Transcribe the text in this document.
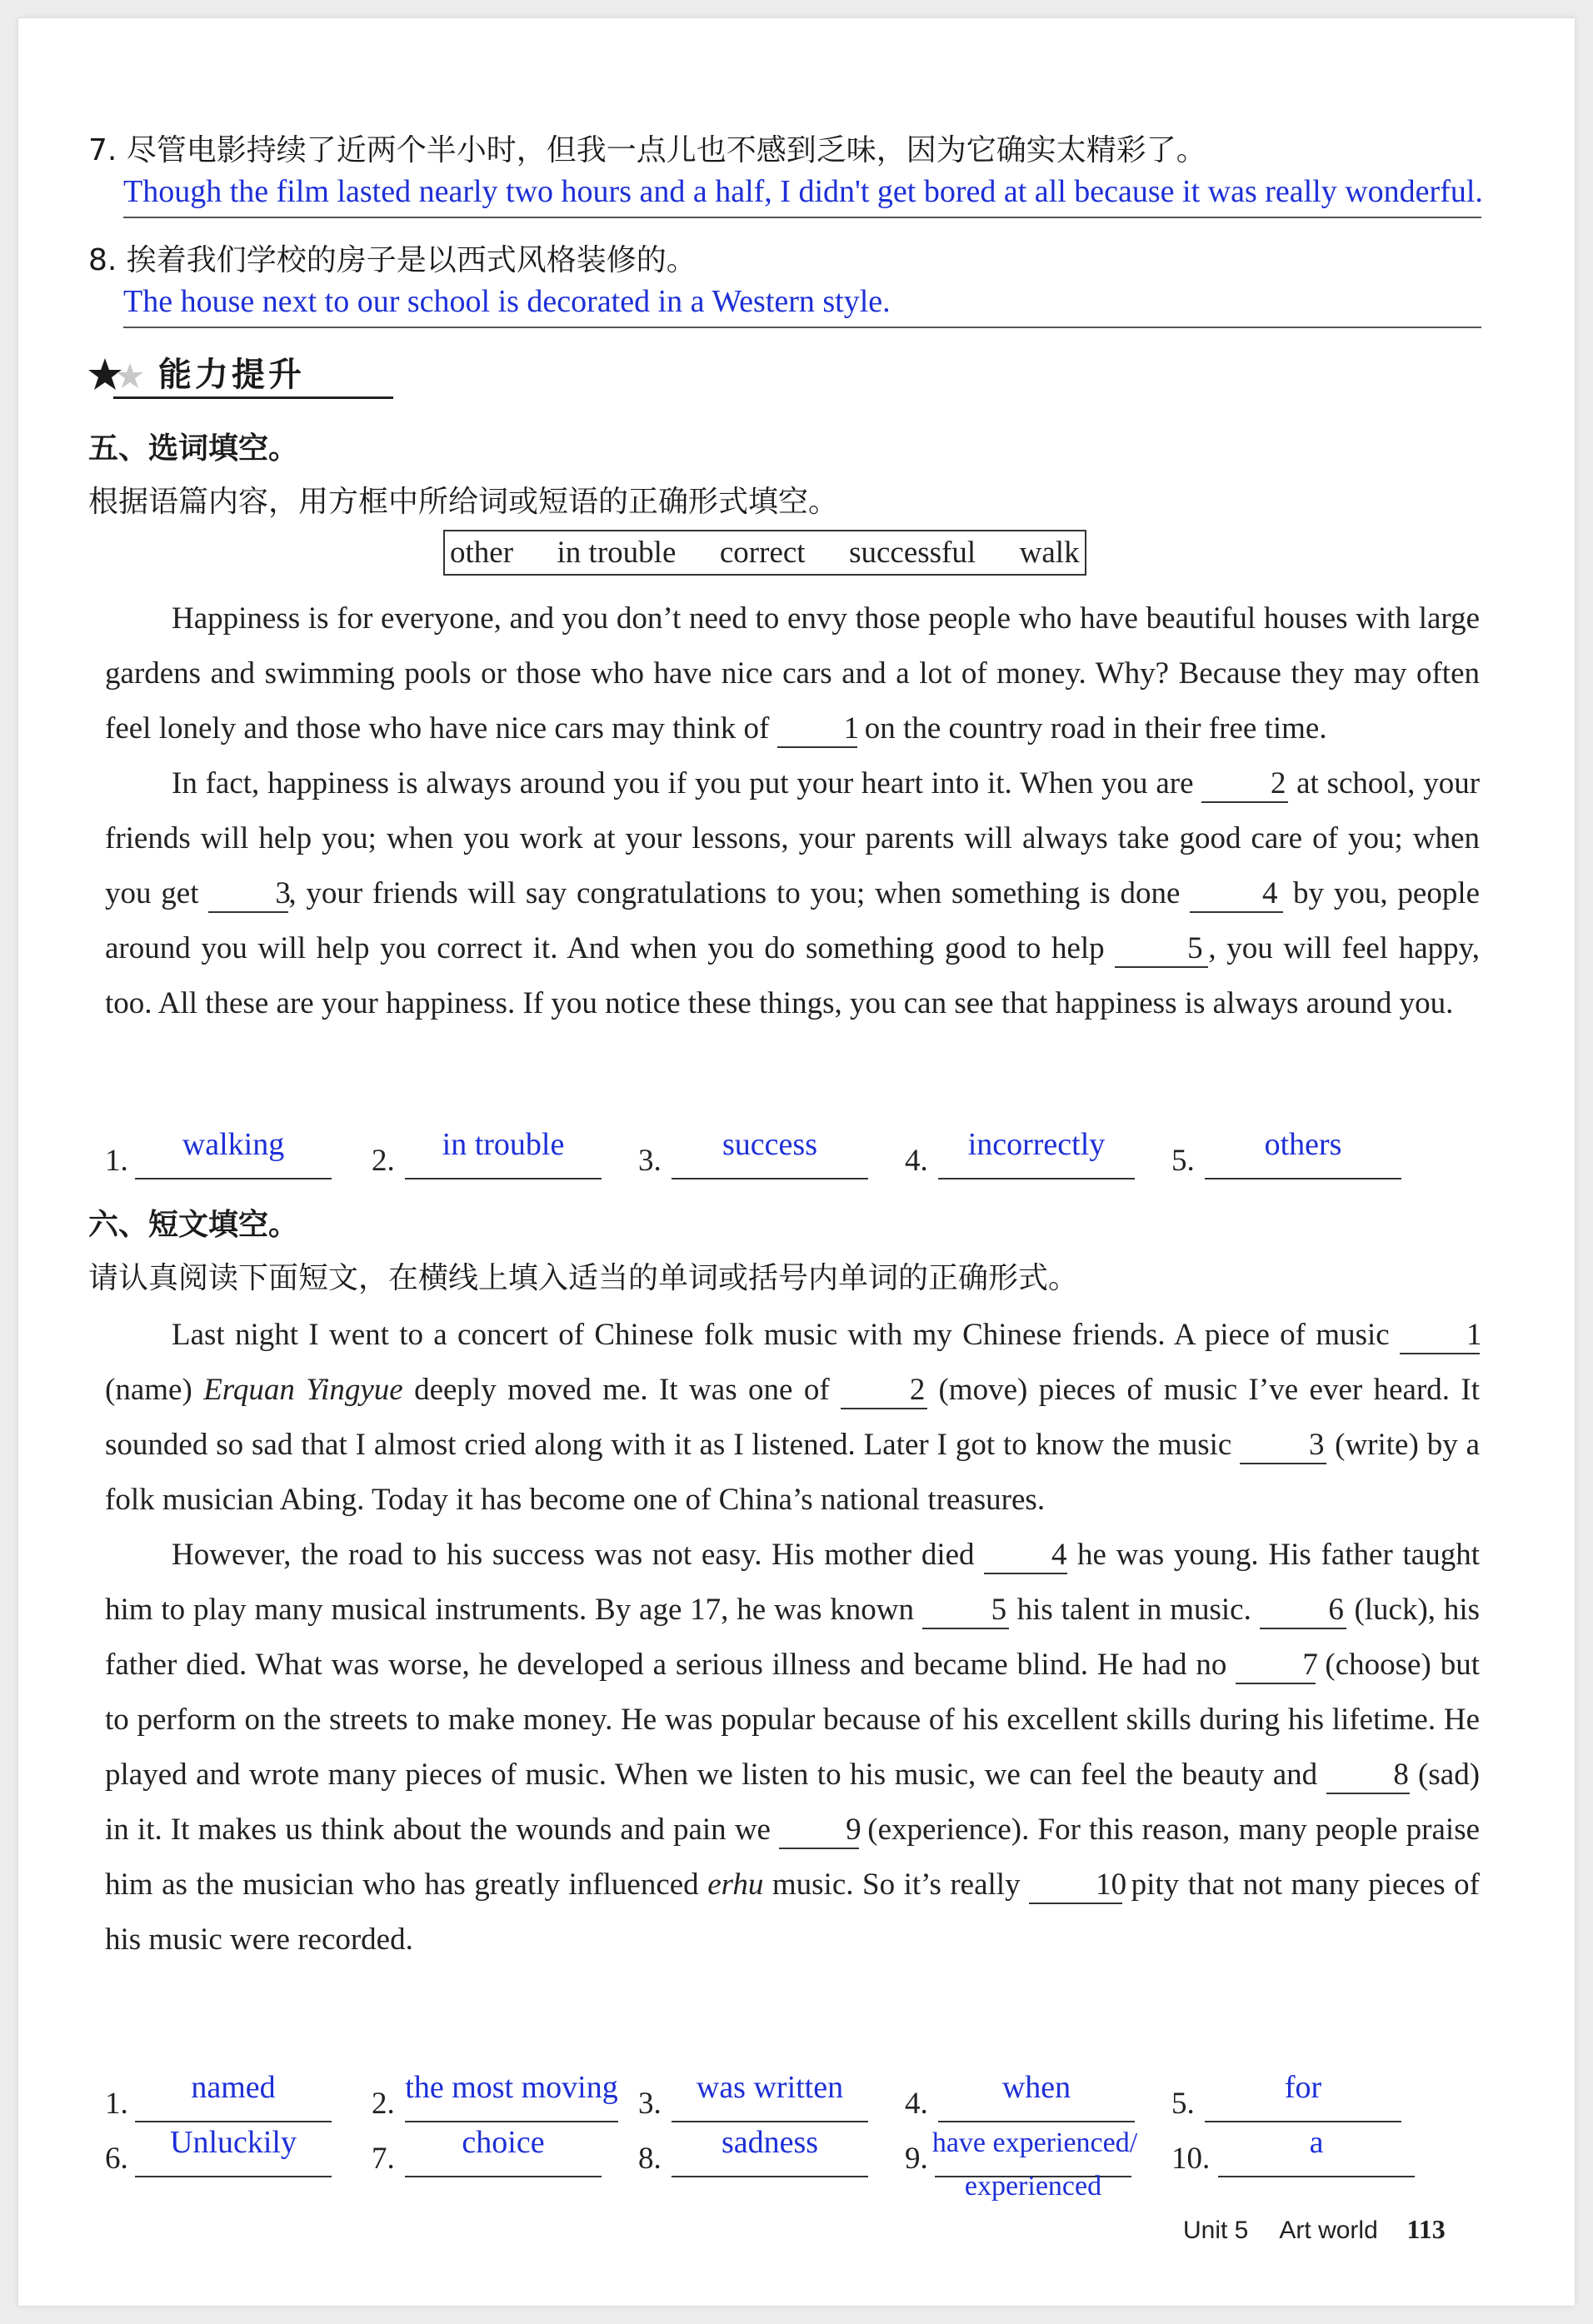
7. 尽管电影持续了近两个半小时，但我一点儿也不感到乏味，因为它确实太精彩了。
Though the film lasted nearly two hours and a half, I didn't get bored at all because it was really wonderful.
8. 挨着我们学校的房子是以西式风格装修的。
The house next to our school is decorated in a Western style.
能力提升
五、选词填空。
根据语篇内容，用方框中所给词或短语的正确形式填空。
other in trouble correct successful walk

Happiness is for everyone, and you don’t need to envy those people who have beautiful houses with large gardens and swimming pools or those who have nice cars and a lot of money. Why? Because they may often feel lonely and those who have nice cars may think of 1 on the country road in their free time.

In fact, happiness is always around you if you put your heart into it. When you are	2 at school, your friends will help you; when you work at your lessons, your parents will always take good care of you; when you get 3, your friends will say congratulations to you; when something is done	4 by you, people around you will help you correct it. And when you do something good to help	5 , you will feel happy, too. All these are your happiness. If you notice these things, you can see that happiness is always around you.

1.	walking	2.	in trouble	3.	success	4.	incorrectly	5.	others
六、短文填空。
请认真阅读下面短文，在横线上填入适当的单词或括号内单词的正确形式。

Last night I went to a concert of Chinese folk music with my Chinese friends. A piece of music 1 (name) Erquan Yingyue deeply moved me. It was one of	2 (move) pieces of music I’ve ever heard. It sounded so sad that I almost cried along with it as I listened. Later I got to know the music	3 (write) by a folk musician Abing. Today it has become one of China’s national treasures.

However, the road to his success was not easy. His mother died 4 he was young. His father taught him to play many musical instruments. By age 17, he was known	5 his talent in music.	6 (luck), his father died. What was worse, he developed a serious illness and became blind. He had no 7 (choose) but to perform on the streets to make money. He was popular because of his excellent skills during his lifetime. He played and wrote many pieces of music. When we listen to his music, we can feel the beauty and 8 (sad) in it. It makes us think about the wounds and pain we 9 (experience). For this reason, many people praise him as the musician who has greatly influenced erhu music. So it’s really 10 pity that not many pieces of his music were recorded.

1.	named	2. the most moving 3.	was written	4.	when	5.	for
6.	Unluckily	7.	choice	8.	sadness	9. have experienced/
experienced
10.	a
Unit 5 Art world 113
